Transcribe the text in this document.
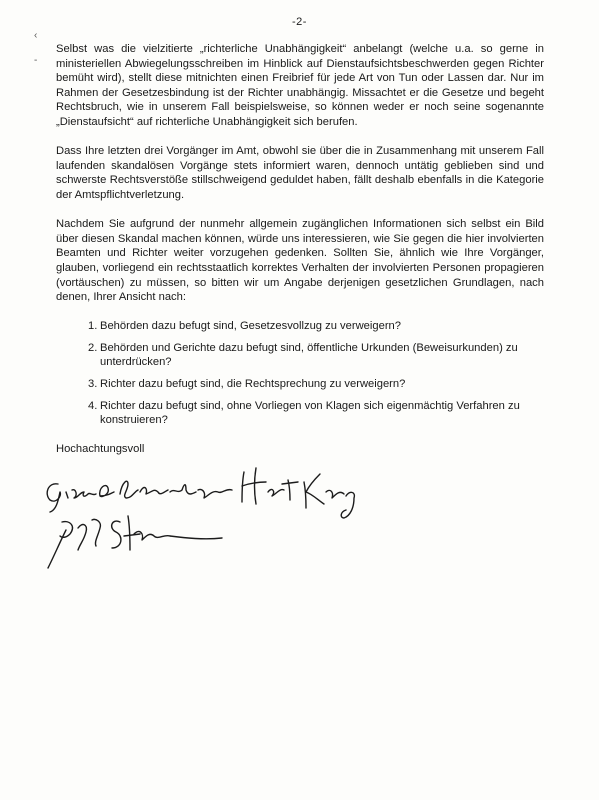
-2-
‹
-

Selbst was die vielzitierte „richterliche Unabhängigkeit“ anbelangt (welche u.a. so gerne in ministeriellen Abwiegelungsschreiben im Hinblick auf Dienstaufsichtsbeschwerden gegen Richter bemüht wird), stellt diese mitnichten einen Freibrief für jede Art von Tun oder Lassen dar. Nur im Rahmen der Gesetzesbindung ist der Richter unabhängig. Missachtet er die Gesetze und begeht Rechtsbruch, wie in unserem Fall beispielsweise, so können weder er noch seine sogenannte „Dienstaufsicht“ auf richterliche Unabhängigkeit sich berufen.

Dass Ihre letzten drei Vorgänger im Amt, obwohl sie über die in Zusammenhang mit unserem Fall laufenden skandalösen Vorgänge stets informiert waren, dennoch untätig geblieben sind und schwerste Rechtsverstöße stillschweigend geduldet haben, fällt deshalb ebenfalls in die Kategorie der Amtspflichtverletzung.

Nachdem Sie aufgrund der nunmehr allgemein zugänglichen Informationen sich selbst ein Bild über diesen Skandal machen können, würde uns interessieren, wie Sie gegen die hier involvierten Beamten und Richter weiter vorzugehen gedenken. Sollten Sie, ähnlich wie Ihre Vorgänger, glauben, vorliegend ein rechtsstaatlich korrektes Verhalten der involvierten Personen propagieren (vortäuschen) zu müssen, so bitten wir um Angabe derjenigen gesetzlichen Grundlagen, nach denen, Ihrer Ansicht nach:

1. Behörden dazu befugt sind, Gesetzesvollzug zu verweigern?
2. Behörden und Gerichte dazu befugt sind, öffentliche Urkunden (Beweisurkunden) zu unterdrücken?
3. Richter dazu befugt sind, die Rechtsprechung zu verweigern?
4. Richter dazu befugt sind, ohne Vorliegen von Klagen sich eigenmächtig Verfahren zu konstruieren?
Hochachtungsvoll
